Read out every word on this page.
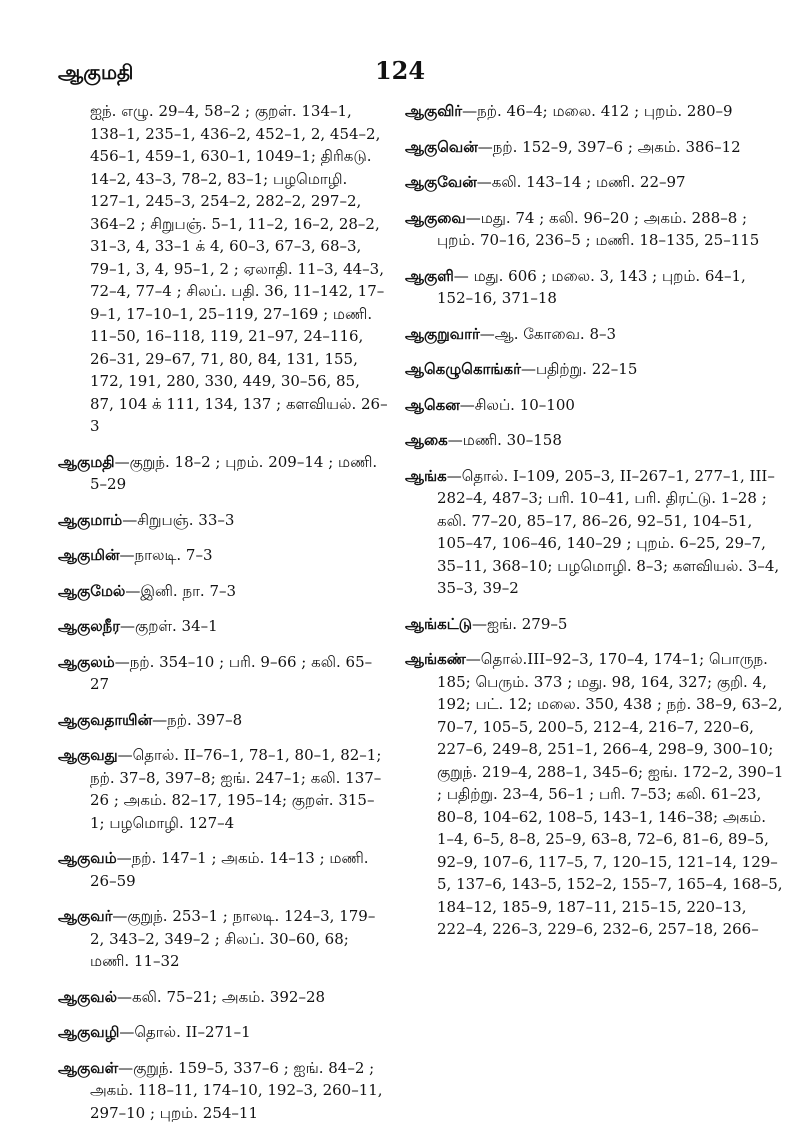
ஆகுமதி	124

ஐந். எழு. 29–4, 58–2 ; குறள். 134–1, 138–1, 235–1, 436–2, 452–1, 2, 454–2, 456–1, 459–1, 630–1, 1049–1; திரிகடு. 14–2, 43–3, 78–2, 83–1; பழமொழி. 127–1, 245–3, 254–2, 282–2, 297–2, 364–2 ; சிறுபஞ். 5–1, 11–2, 16–2, 28–2, 31–3, 4, 33–1 க் 4, 60–3, 67–3, 68–3, 79–1, 3, 4, 95–1, 2 ; ஏலாதி. 11–3, 44–3, 72–4, 77–4 ; சிலப். பதி. 36, 11–142, 17–9–1, 17–10–1, 25–119, 27–169 ; மணி. 11–50, 16–118, 119, 21–97, 24–116, 26–31, 29–67, 71, 80, 84, 131, 155, 172, 191, 280, 330, 449, 30–56, 85, 87, 104 க் 111, 134, 137 ; களவியல். 26–3

ஆகுமதி—குறுந். 18–2 ; புறம். 209–14 ; மணி. 5–29

ஆகுமாம்—சிறுபஞ். 33–3

ஆகுமின்—நாலடி. 7–3

ஆகுமேல்—இனி. நா. 7–3

ஆகுலநீர—குறள். 34–1

ஆகுலம்—நற். 354–10 ; பரி. 9–66 ; கலி. 65–27

ஆகுவதாயின்—நற். 397–8

ஆகுவது—தொல். II–76–1, 78–1, 80–1, 82–1; நற். 37–8, 397–8; ஐங். 247–1; கலி. 137–26 ; அகம். 82–17, 195–14; குறள். 315–1; பழமொழி. 127–4

ஆகுவம்—நற். 147–1 ; அகம். 14–13 ; மணி. 26–59

ஆகுவர்—குறுந். 253–1 ; நாலடி. 124–3, 179–2, 343–2, 349–2 ; சிலப். 30–60, 68; மணி. 11–32

ஆகுவல்—கலி. 75–21; அகம். 392–28

ஆகுவழி—தொல். II–271–1

ஆகுவள்—குறுந். 159–5, 337–6 ; ஐங். 84–2 ; அகம். 118–11, 174–10, 192–3, 260–11, 297–10 ; புறம். 254–11

ஆகுவிர்—நற். 46–4; மலை. 412 ; புறம். 280–9

ஆகுவென்—நற். 152–9, 397–6 ; அகம். 386–12

ஆகுவேன்—கலி. 143–14 ; மணி. 22–97

ஆகுவை—மது. 74 ; கலி. 96–20 ; அகம். 288–8 ; புறம். 70–16, 236–5 ; மணி. 18–135, 25–115

ஆகுளி— மது. 606 ; மலை. 3, 143 ; புறம். 64–1, 152–16, 371–18

ஆகுறுவார்—ஆ. கோவை. 8–3

ஆகெழுகொங்கர்—பதிற்று. 22–15

ஆகென—சிலப். 10–100

ஆகை—மணி. 30–158

ஆங்க—தொல். I–109, 205–3, II–267–1, 277–1, III–282–4, 487–3; பரி. 10–41, பரி. திரட்டு. 1–28 ; கலி. 77–20, 85–17, 86–26, 92–51, 104–51, 105–47, 106–46, 140–29 ; புறம். 6–25, 29–7, 35–11, 368–10; பழமொழி. 8–3; களவியல். 3–4, 35–3, 39–2

ஆங்கட்டு—ஐங். 279–5

ஆங்கண்—தொல்.III–92–3, 170–4, 174–1; பொருந. 185; பெரும். 373 ; மது. 98, 164, 327; குறி. 4, 192; பட். 12; மலை. 350, 438 ; நற். 38–9, 63–2, 70–7, 105–5, 200–5, 212–4, 216–7, 220–6, 227–6, 249–8, 251–1, 266–4, 298–9, 300–10; குறுந். 219–4, 288–1, 345–6; ஐங். 172–2, 390–1 ; பதிற்று. 23–4, 56–1 ; பரி. 7–53; கலி. 61–23, 80–8, 104–62, 108–5, 143–1, 146–38; அகம். 1–4, 6–5, 8–8, 25–9, 63–8, 72–6, 81–6, 89–5, 92–9, 107–6, 117–5, 7, 120–15, 121–14, 129–5, 137–6, 143–5, 152–2, 155–7, 165–4, 168–5, 184–12, 185–9, 187–11, 215–15, 220–13, 222–4, 226–3, 229–6, 232–6, 257–18, 266–
